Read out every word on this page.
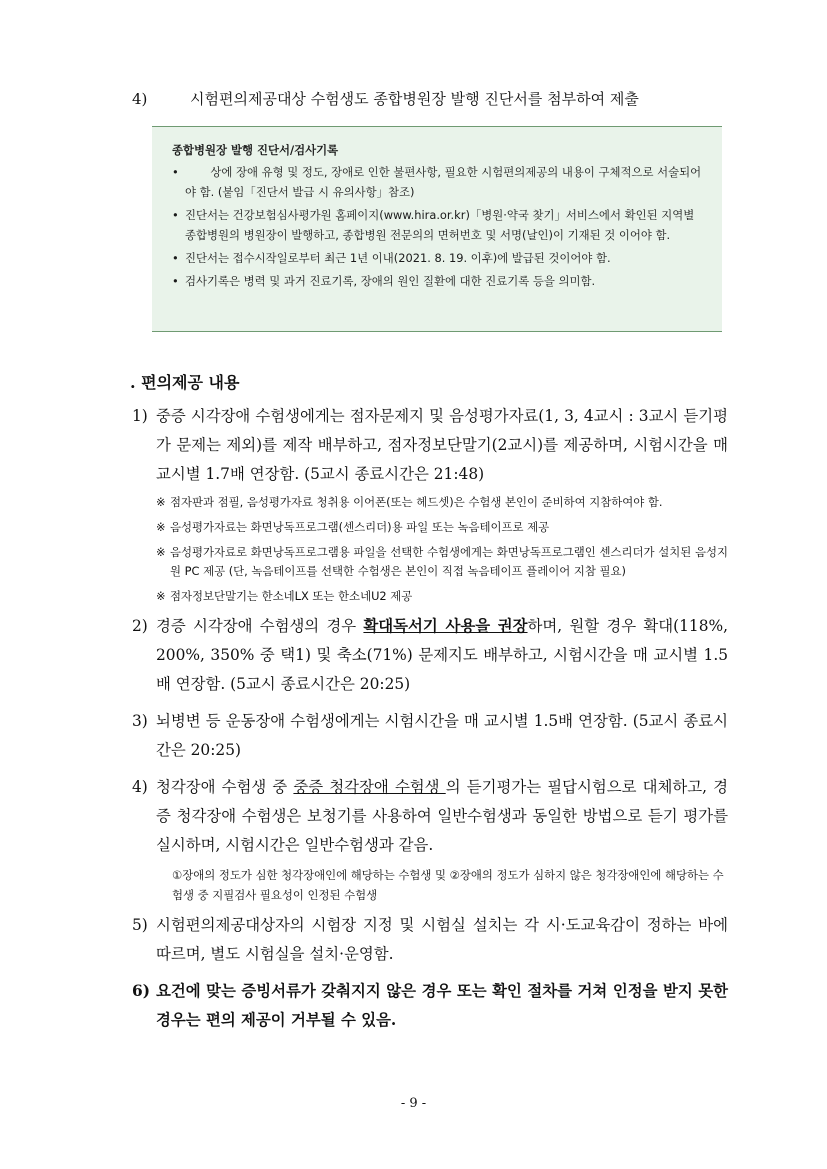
4)	시험편의제공대상 수험생도 종합병원장 발행 진단서를 첨부하여 제출
종합병원장 발행 진단서/검사기록
• 상에 장애 유형 및 정도, 장애로 인한 불편사항, 필요한 시험편의제공의 내용이 구체적으로 서술되어야 함. (붙임「진단서 발급 시 유의사항」참조)
• 진단서는 건강보험심사평가원 홈페이지(www.hira.or.kr)「병원·약국 찾기」서비스에서 확인된 지역별 종합병원의 병원장이 발행하고, 종합병원 전문의의 면허번호 및 서명(날인)이 기재된 것 이어야 함.
• 진단서는 접수시작일로부터 최근 1년 이내(2021. 8. 19. 이후)에 발급된 것이어야 함.
• 검사기록은 병력 및 과거 진료기록, 장애의 원인 질환에 대한 진료기록 등을 의미함.
. 편의제공 내용
1) 중증 시각장애 수험생에게는 점자문제지 및 음성평가자료(1, 3, 4교시 : 3교시 듣기평가 문제는 제외)를 제작 배부하고, 점자정보단말기(2교시)를 제공하며, 시험시간을 매 교시별 1.7배 연장함. (5교시 종료시간은 21:48)
※ 점자판과 점필, 음성평가자료 청취용 이어폰(또는 헤드셋)은 수험생 본인이 준비하여 지참하여야 함.
※ 음성평가자료는 화면낭독프로그램(센스리더)용 파일 또는 녹음테이프로 제공
※ 음성평가자료로 화면낭독프로그램용 파일을 선택한 수험생에게는 화면낭독프로그램인 센스리더가 설치된 음성지원 PC 제공 (단, 녹음테이프를 선택한 수험생은 본인이 직접 녹음테이프 플레이어 지참 필요)
※ 점자정보단말기는 한소네LX 또는 한소네U2 제공
2) 경증 시각장애 수험생의 경우 확대독서기 사용을 권장하며, 원할 경우 확대(118%, 200%, 350% 중 택1) 및 축소(71%) 문제지도 배부하고, 시험시간을 매 교시별 1.5배 연장함. (5교시 종료시간은 20:25)
3) 뇌병변 등 운동장애 수험생에게는 시험시간을 매 교시별 1.5배 연장함. (5교시 종료시간은 20:25)
4) 청각장애 수험생 중 중증 청각장애 수험생 의 듣기평가는 필답시험으로 대체하고, 경증 청각장애 수험생은 보청기를 사용하여 일반수험생과 동일한 방법으로 듣기 평가를 실시하며, 시험시간은 일반수험생과 같음.
①장애의 정도가 심한 청각장애인에 해당하는 수험생 및 ②장애의 정도가 심하지 않은 청각장애인에 해당하는 수험생 중 지필검사 필요성이 인정된 수험생
5) 시험편의제공대상자의 시험장 지정 및 시험실 설치는 각 시·도교육감이 정하는 바에 따르며, 별도 시험실을 설치·운영함.
6) 요건에 맞는 증빙서류가 갖춰지지 않은 경우 또는 확인 절차를 거쳐 인정을 받지 못한 경우는 편의 제공이 거부될 수 있음.
- 9 -
